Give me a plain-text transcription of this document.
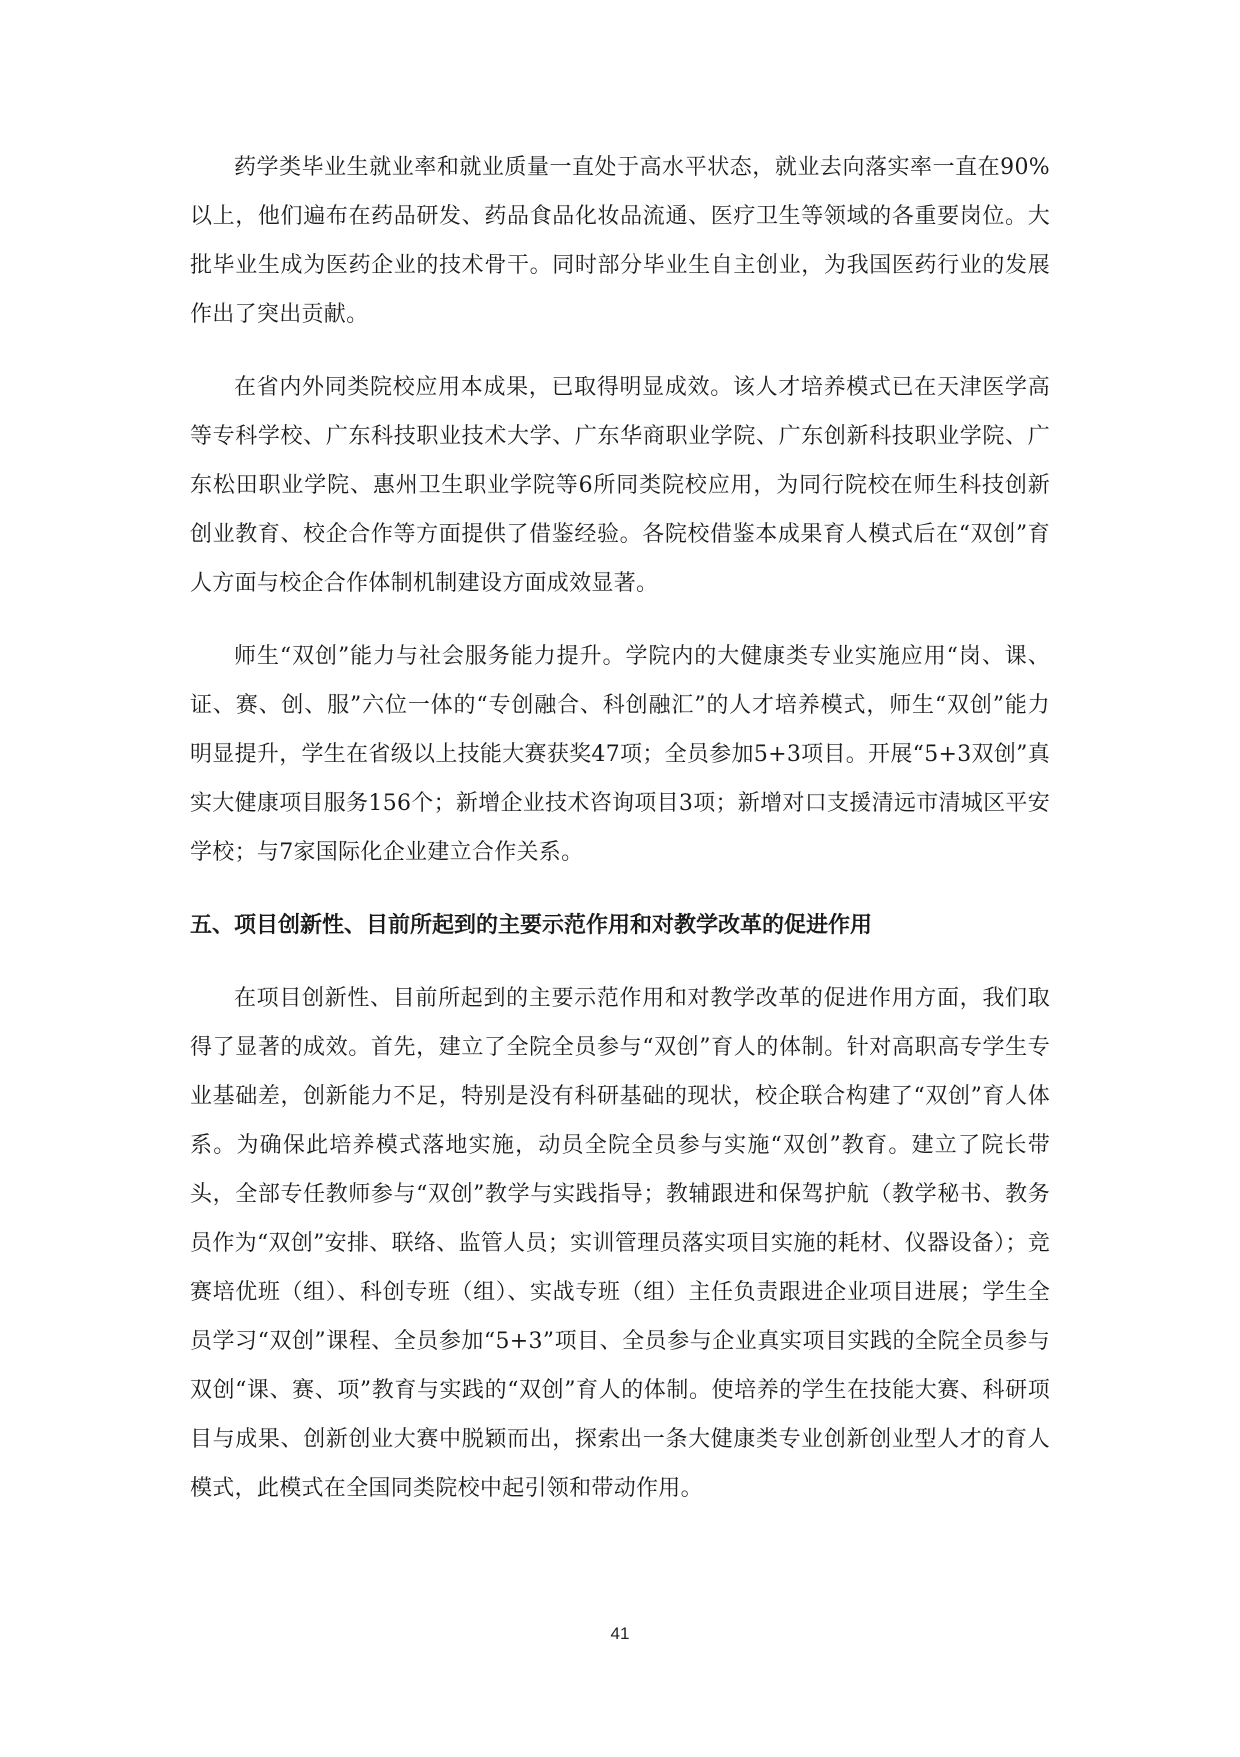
药学类毕业生就业率和就业质量一直处于高水平状态，就业去向落实率一直在90%以上，他们遍布在药品研发、药品食品化妆品流通、医疗卫生等领域的各重要岗位。大批毕业生成为医药企业的技术骨干。同时部分毕业生自主创业，为我国医药行业的发展作出了突出贡献。

在省内外同类院校应用本成果，已取得明显成效。该人才培养模式已在天津医学高等专科学校、广东科技职业技术大学、广东华商职业学院、广东创新科技职业学院、广东松田职业学院、惠州卫生职业学院等6所同类院校应用，为同行院校在师生科技创新创业教育、校企合作等方面提供了借鉴经验。各院校借鉴本成果育人模式后在“双创”育人方面与校企合作体制机制建设方面成效显著。

师生“双创”能力与社会服务能力提升。学院内的大健康类专业实施应用“岗、课、证、赛、创、服”六位一体的“专创融合、科创融汇”的人才培养模式，师生“双创”能力明显提升，学生在省级以上技能大赛获奖47项；全员参加5+3项目。开展“5+3双创”真实大健康项目服务156个；新增企业技术咨询项目3项；新增对口支援清远市清城区平安学校；与7家国际化企业建立合作关系。

五、项目创新性、目前所起到的主要示范作用和对教学改革的促进作用

在项目创新性、目前所起到的主要示范作用和对教学改革的促进作用方面，我们取得了显著的成效。首先，建立了全院全员参与“双创”育人的体制。针对高职高专学生专业基础差，创新能力不足，特别是没有科研基础的现状，校企联合构建了“双创”育人体系。为确保此培养模式落地实施，动员全院全员参与实施“双创”教育。建立了院长带头，全部专任教师参与“双创”教学与实践指导；教辅跟进和保驾护航（教学秘书、教务员作为“双创”安排、联络、监管人员；实训管理员落实项目实施的耗材、仪器设备）；竞赛培优班（组）、科创专班（组）、实战专班（组）主任负责跟进企业项目进展；学生全员学习“双创”课程、全员参加“5+3”项目、全员参与企业真实项目实践的全院全员参与双创“课、赛、项”教育与实践的“双创”育人的体制。使培养的学生在技能大赛、科研项目与成果、创新创业大赛中脱颖而出，探索出一条大健康类专业创新创业型人才的育人模式，此模式在全国同类院校中起引领和带动作用。

41
